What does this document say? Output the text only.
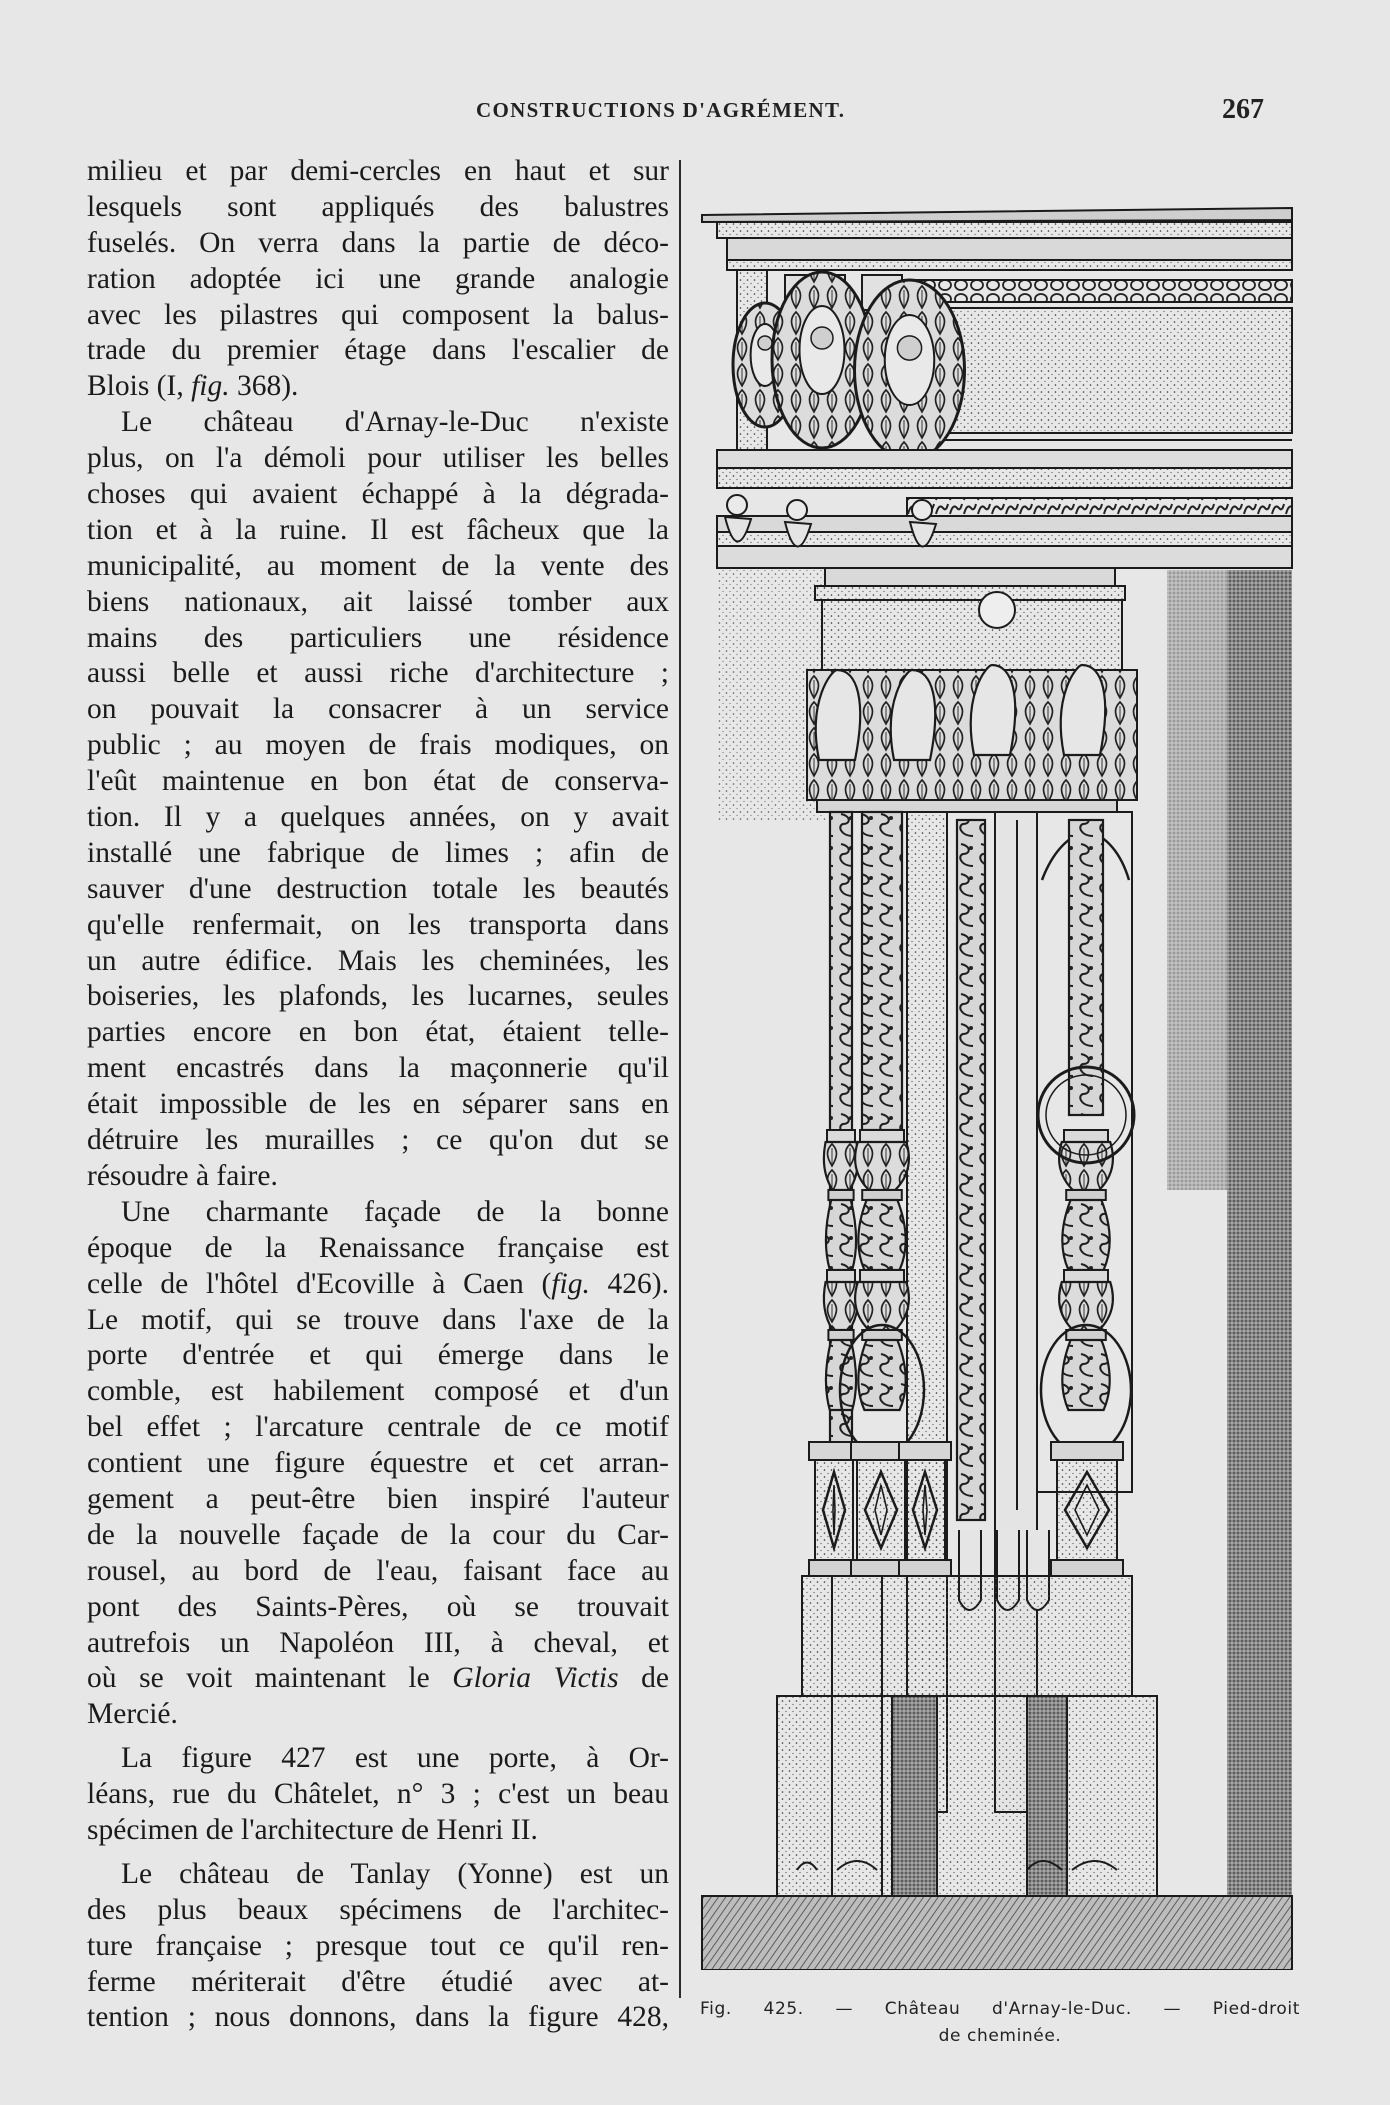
CONSTRUCTIONS D'AGRÉMENT.	267
milieu et par demi-cercles en haut et sur
lesquels sont appliqués des balustres
fuselés. On verra dans la partie de déco-
ration adoptée ici une grande analogie
avec les pilastres qui composent la balus-
trade du premier étage dans l'escalier de
Blois (I, fig. 368).
Le château d'Arnay-le-Duc n'existe
plus, on l'a démoli pour utiliser les belles
choses qui avaient échappé à la dégrada-
tion et à la ruine. Il est fâcheux que la
municipalité, au moment de la vente des
biens nationaux, ait laissé tomber aux
mains des particuliers une résidence
aussi belle et aussi riche d'architecture ;
on pouvait la consacrer à un service
public ; au moyen de frais modiques, on
l'eût maintenue en bon état de conserva-
tion. Il y a quelques années, on y avait
installé une fabrique de limes ; afin de
sauver d'une destruction totale les beautés
qu'elle renfermait, on les transporta dans
un autre édifice. Mais les cheminées, les
boiseries, les plafonds, les lucarnes, seules
parties encore en bon état, étaient telle-
ment encastrés dans la maçonnerie qu'il
était impossible de les en séparer sans en
détruire les murailles ; ce qu'on dut se
résoudre à faire.
Une charmante façade de la bonne
époque de la Renaissance française est
celle de l'hôtel d'Ecoville à Caen (fig. 426).
Le motif, qui se trouve dans l'axe de la
porte d'entrée et qui émerge dans le
comble, est habilement composé et d'un
bel effet ; l'arcature centrale de ce motif
contient une figure équestre et cet arran-
gement a peut-être bien inspiré l'auteur
de la nouvelle façade de la cour du Car-
rousel, au bord de l'eau, faisant face au
pont des Saints-Pères, où se trouvait
autrefois un Napoléon III, à cheval, et
où se voit maintenant le Gloria Victis de
Mercié.
La figure 427 est une porte, à Or-
léans, rue du Châtelet, n° 3 ; c'est un beau
spécimen de l'architecture de Henri II.
Le château de Tanlay (Yonne) est un
des plus beaux spécimens de l'architec-
ture française ; presque tout ce qu'il ren-
ferme mériterait d'être étudié avec at-
tention ; nous donnons, dans la figure 428, Fig. 425. — Château d'Arnay-le-Duc. — Pied-droit
de cheminée.
